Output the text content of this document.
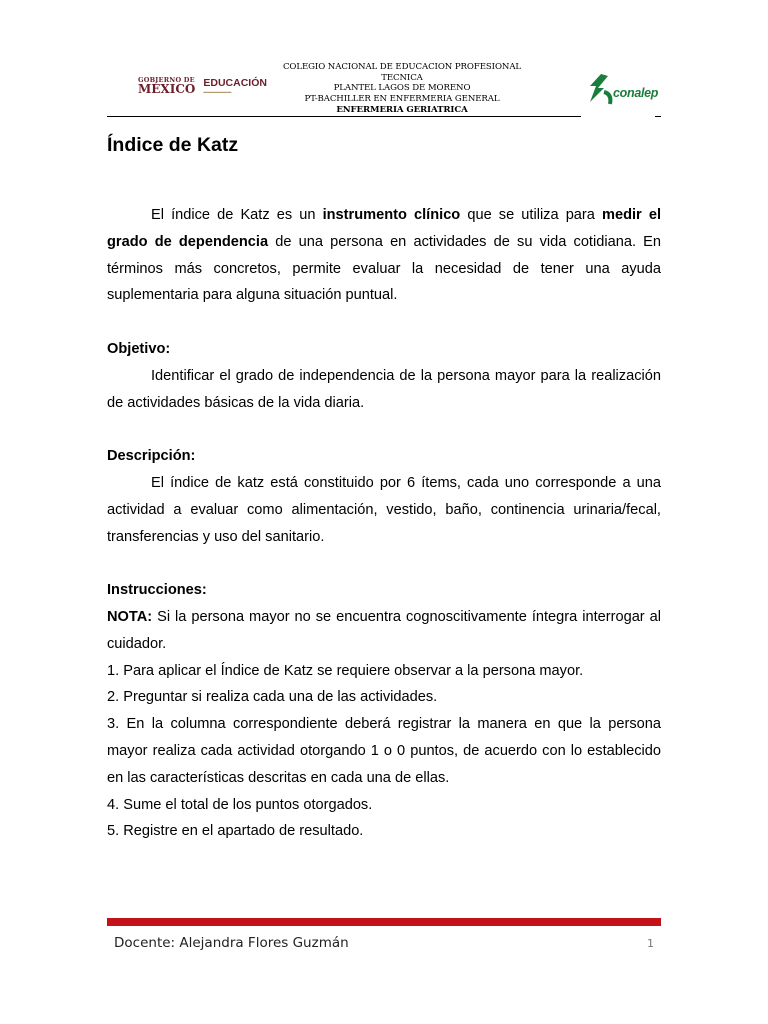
GOBIERNO DE
MÉXICO EDUCACIÓN
▬▬▬▬▬▬▬
COLEGIO NACIONAL DE EDUCACION PROFESIONAL TECNICA
PLANTEL LAGOS DE MORENO
PT-BACHILLER EN ENFERMERIA GENERAL
ENFERMERIA GERIATRICA
conalep
Índice de Katz

El índice de Katz es un instrumento clínico que se utiliza para medir el grado de dependencia de una persona en actividades de su vida cotidiana. En términos más concretos, permite evaluar la necesidad de tener una ayuda suplementaria para alguna situación puntual.

Objetivo:

Identificar el grado de independencia de la persona mayor para la realización de actividades básicas de la vida diaria.

Descripción:

El índice de katz está constituido por 6 ítems, cada uno corresponde a una actividad a evaluar como alimentación, vestido, baño, continencia urinaria/fecal, transferencias y uso del sanitario.

Instrucciones:

NOTA: Si la persona mayor no se encuentra cognoscitivamente íntegra interrogar al cuidador.

1. Para aplicar el Índice de Katz se requiere observar a la persona mayor.

2. Preguntar si realiza cada una de las actividades.

3. En la columna correspondiente deberá registrar la manera en que la persona mayor realiza cada actividad otorgando 1 o 0 puntos, de acuerdo con lo establecido en las características descritas en cada una de ellas.

4. Sume el total de los puntos otorgados.

5. Registre en el apartado de resultado.

Docente: Alejandra Flores Guzmán	1
